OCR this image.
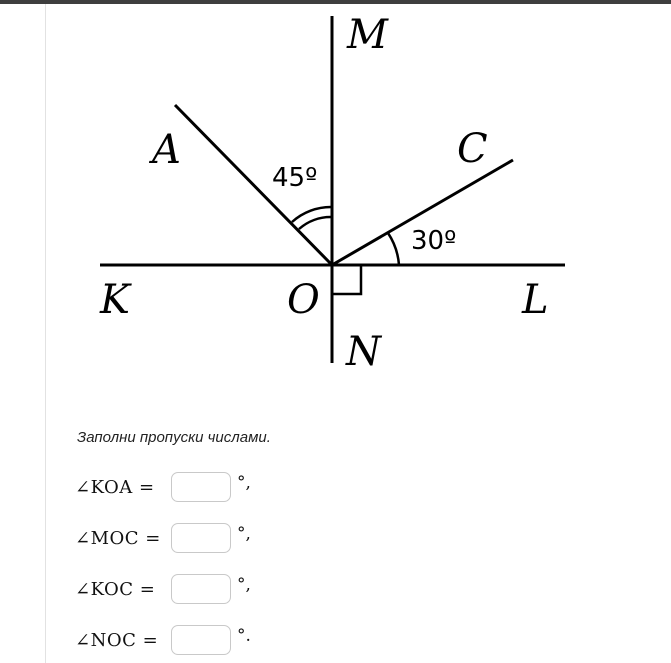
M
A	C
K	O	L
N
45º
30º
Заполни пропуски числами.
∠KOA =	°,
∠MOC =	°,
∠KOC =	°,
∠NOC =	°.
